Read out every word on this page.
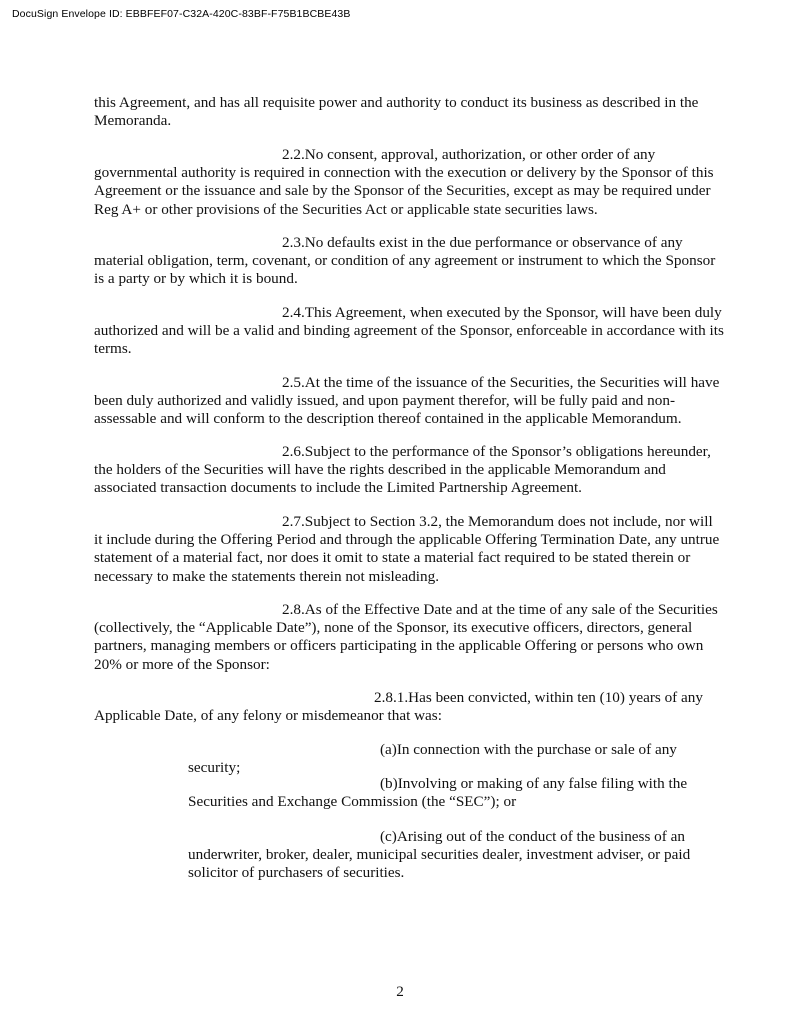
DocuSign Envelope ID: EBBFEF07-C32A-420C-83BF-F75B1BCBE43B

this Agreement, and has all requisite power and authority to conduct its business as described in the Memoranda.

2.2.No consent, approval, authorization, or other order of any governmental authority is required in connection with the execution or delivery by the Sponsor of this Agreement or the issuance and sale by the Sponsor of the Securities, except as may be required under Reg A+ or other provisions of the Securities Act or applicable state securities laws.

2.3.No defaults exist in the due performance or observance of any material obligation, term, covenant, or condition of any agreement or instrument to which the Sponsor is a party or by which it is bound.

2.4.This Agreement, when executed by the Sponsor, will have been duly authorized and will be a valid and binding agreement of the Sponsor, enforceable in accordance with its terms.

2.5.At the time of the issuance of the Securities, the Securities will have been duly authorized and validly issued, and upon payment therefor, will be fully paid and non-assessable and will conform to the description thereof contained in the applicable Memorandum.

2.6.Subject to the performance of the Sponsor’s obligations hereunder, the holders of the Securities will have the rights described in the applicable Memorandum and associated transaction documents to include the Limited Partnership Agreement.

2.7.Subject to Section 3.2, the Memorandum does not include, nor will it include during the Offering Period and through the applicable Offering Termination Date, any untrue statement of a material fact, nor does it omit to state a material fact required to be stated therein or necessary to make the statements therein not misleading.

2.8.As of the Effective Date and at the time of any sale of the Securities (collectively, the “Applicable Date”), none of the Sponsor, its executive officers, directors, general partners, managing members or officers participating in the applicable Offering or persons who own 20% or more of the Sponsor:

2.8.1.Has been convicted, within ten (10) years of any Applicable Date, of any felony or misdemeanor that was:

(a)In connection with the purchase or sale of any security;

(b)Involving or making of any false filing with the Securities and Exchange Commission (the “SEC”); or

(c)Arising out of the conduct of the business of an underwriter, broker, dealer, municipal securities dealer, investment adviser, or paid solicitor of purchasers of securities.

2
